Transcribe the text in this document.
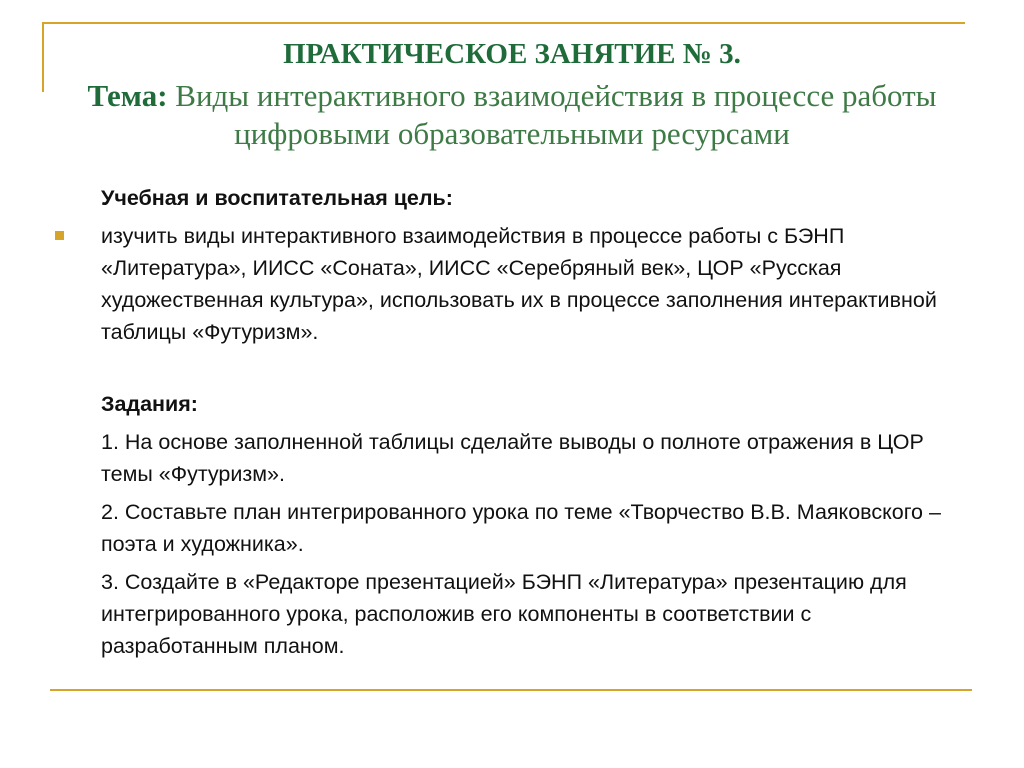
ПРАКТИЧЕСКОЕ ЗАНЯТИЕ № 3.
Тема: Виды интерактивного взаимодействия в процессе работы цифровыми образовательными ресурсами
Учебная и воспитательная цель:
изучить виды интерактивного взаимодействия в процессе работы с БЭНП «Литература», ИИСС «Соната», ИИСС «Серебряный век», ЦОР «Русская художественная культура», использовать их в процессе заполнения интерактивной таблицы «Футуризм».
Задания:
1. На основе заполненной таблицы сделайте выводы о полноте отражения в ЦОР темы «Футуризм».
2. Составьте план интегрированного урока по теме «Творчество В.В. Маяковского – поэта и художника».
3. Создайте в «Редакторе презентацией» БЭНП «Литература» презентацию для интегрированного урока, расположив его компоненты в соответствии с разработанным планом.
